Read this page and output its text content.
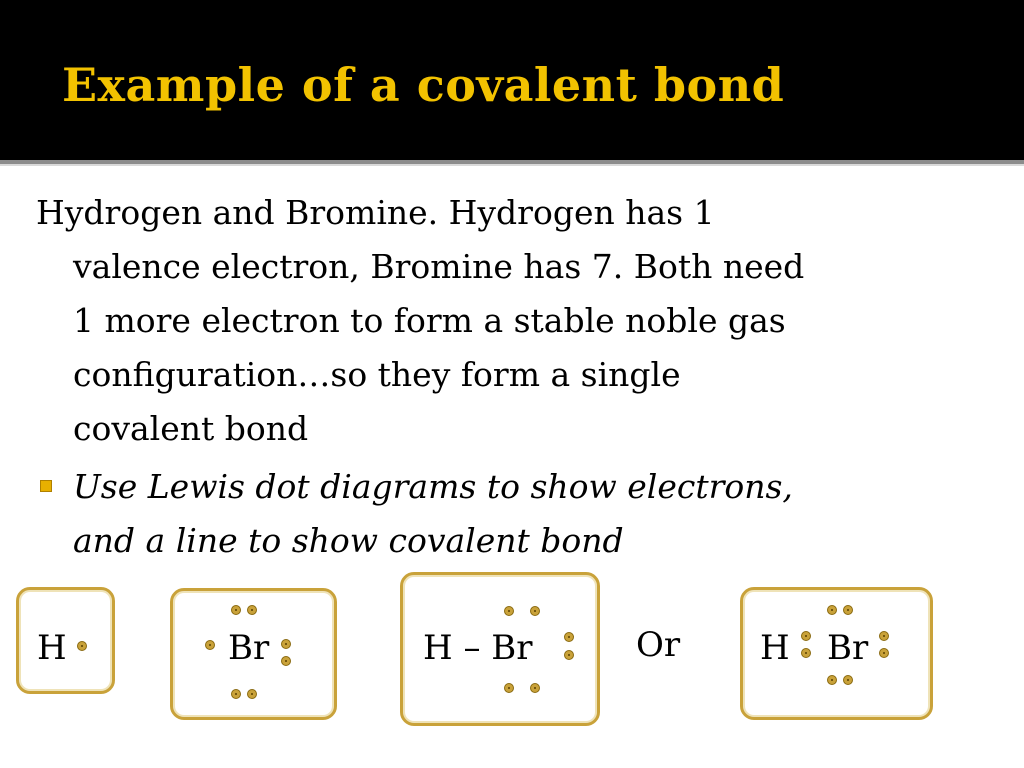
Example of a covalent bond
Hydrogen and Bromine. Hydrogen has 1
valence electron, Bromine has 7. Both need
1 more electron to form a stable noble gas
configuration…so they form a single
covalent bond
Use Lewis dot diagrams to show electrons,
and a line to show covalent bond
H	Br	H – Br	Or H Br
